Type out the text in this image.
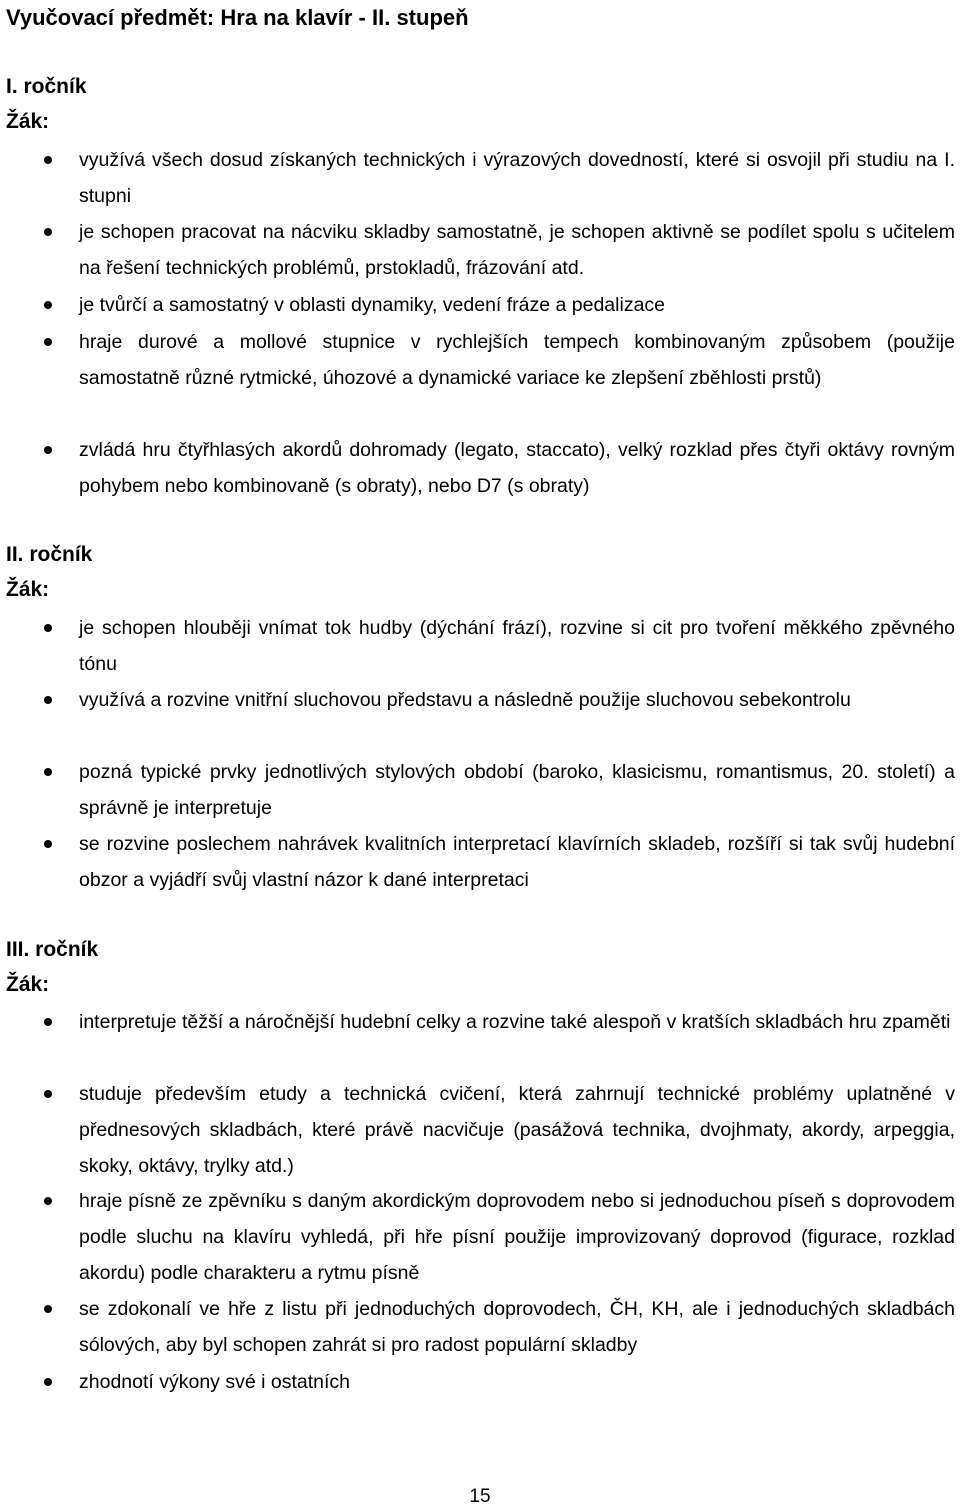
Vyučovací předmět: Hra na klavír - II. stupeň
I. ročník
Žák:
využívá všech dosud získaných technických i výrazových dovedností, které si osvojil při studiu na I. stupni
je schopen pracovat na nácviku skladby samostatně, je schopen aktivně se podílet spolu s učitelem na řešení technických problémů, prstokladů, frázování atd.
je tvůrčí a samostatný v oblasti dynamiky, vedení fráze a pedalizace
hraje durové a mollové stupnice v rychlejších tempech kombinovaným způsobem (použije samostatně různé rytmické, úhozové a dynamické variace ke zlepšení zběhlosti prstů)
zvládá hru čtyřhlasých akordů dohromady (legato, staccato), velký rozklad přes čtyři oktávy rovným pohybem nebo kombinovaně (s obraty), nebo D7 (s obraty)
II. ročník
Žák:
je schopen hlouběji vnímat tok hudby (dýchání frází), rozvine si cit pro tvoření měkkého zpěvného tónu
využívá a rozvine vnitřní sluchovou představu a následně použije sluchovou sebekontrolu
pozná typické prvky jednotlivých stylových období (baroko, klasicismu, romantismus, 20. století) a správně je interpretuje
se rozvine poslechem nahrávek kvalitních interpretací klavírních skladeb, rozšíří si tak svůj hudební obzor a vyjádří svůj vlastní názor k dané interpretaci
III. ročník
Žák:
interpretuje těžší a náročnější hudební celky a rozvine také alespoň v kratších skladbách hru zpaměti
studuje především etudy a technická cvičení, která zahrnují technické problémy uplatněné v přednesových skladbách, které právě nacvičuje (pasážová technika, dvojhmaty, akordy, arpeggia, skoky, oktávy, trylky atd.)
hraje písně ze zpěvníku s daným akordickým doprovodem nebo si jednoduchou píseň s doprovodem podle sluchu na klavíru vyhledá, při hře písní použije improvizovaný doprovod (figurace, rozklad akordu) podle charakteru a rytmu písně
se zdokonalí ve hře z listu při jednoduchých doprovodech, ČH, KH, ale i jednoduchých skladbách sólových, aby byl schopen zahrát si pro radost populární skladby
zhodnotí výkony své i ostatních
15
